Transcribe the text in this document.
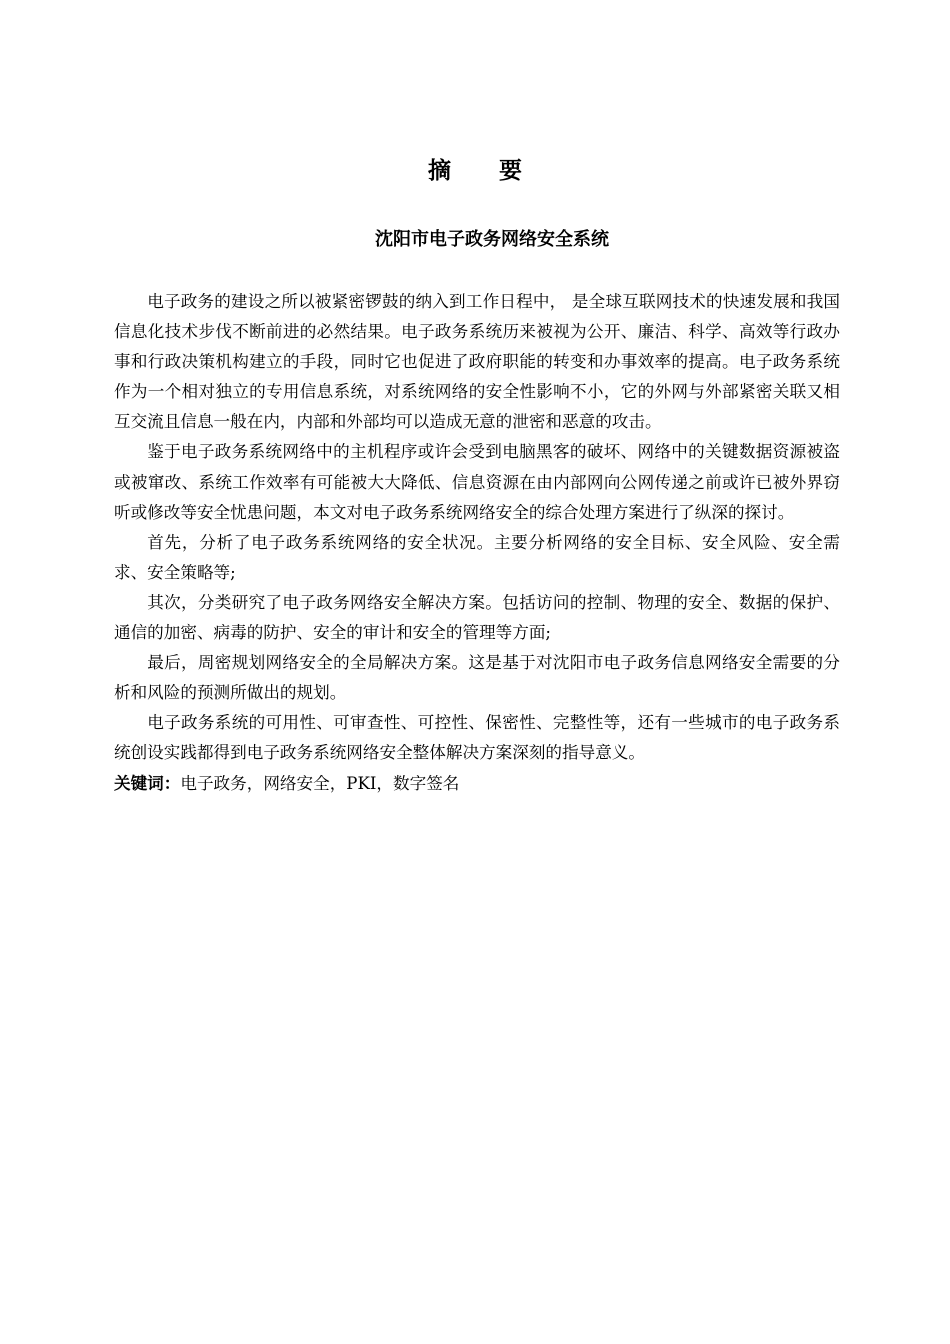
摘 要
沈阳市电子政务网络安全系统

电子政务的建设之所以被紧密锣鼓的纳入到工作日程中， 是全球互联网技术的快速发展和我国信息化技术步伐不断前进的必然结果。电子政务系统历来被视为公开、廉洁、科学、高效等行政办事和行政决策机构建立的手段，同时它也促进了政府职能的转变和办事效率的提高。电子政务系统作为一个相对独立的专用信息系统，对系统网络的安全性影响不小，它的外网与外部紧密关联又相互交流且信息一般在内，内部和外部均可以造成无意的泄密和恶意的攻击。

鉴于电子政务系统网络中的主机程序或许会受到电脑黑客的破坏、网络中的关键数据资源被盗或被窜改、系统工作效率有可能被大大降低、信息资源在由内部网向公网传递之前或许已被外界窃听或修改等安全忧患问题，本文对电子政务系统网络安全的综合处理方案进行了纵深的探讨。

首先，分析了电子政务系统网络的安全状况。主要分析网络的安全目标、安全风险、安全需求、安全策略等;

其次，分类研究了电子政务网络安全解决方案。包括访问的控制、物理的安全、数据的保护、通信的加密、病毒的防护、安全的审计和安全的管理等方面;

最后，周密规划网络安全的全局解决方案。这是基于对沈阳市电子政务信息网络安全需要的分析和风险的预测所做出的规划。

电子政务系统的可用性、可审查性、可控性、保密性、完整性等，还有一些城市的电子政务系统创设实践都得到电子政务系统网络安全整体解决方案深刻的指导意义。

关键词：电子政务，网络安全，PKI，数字签名
